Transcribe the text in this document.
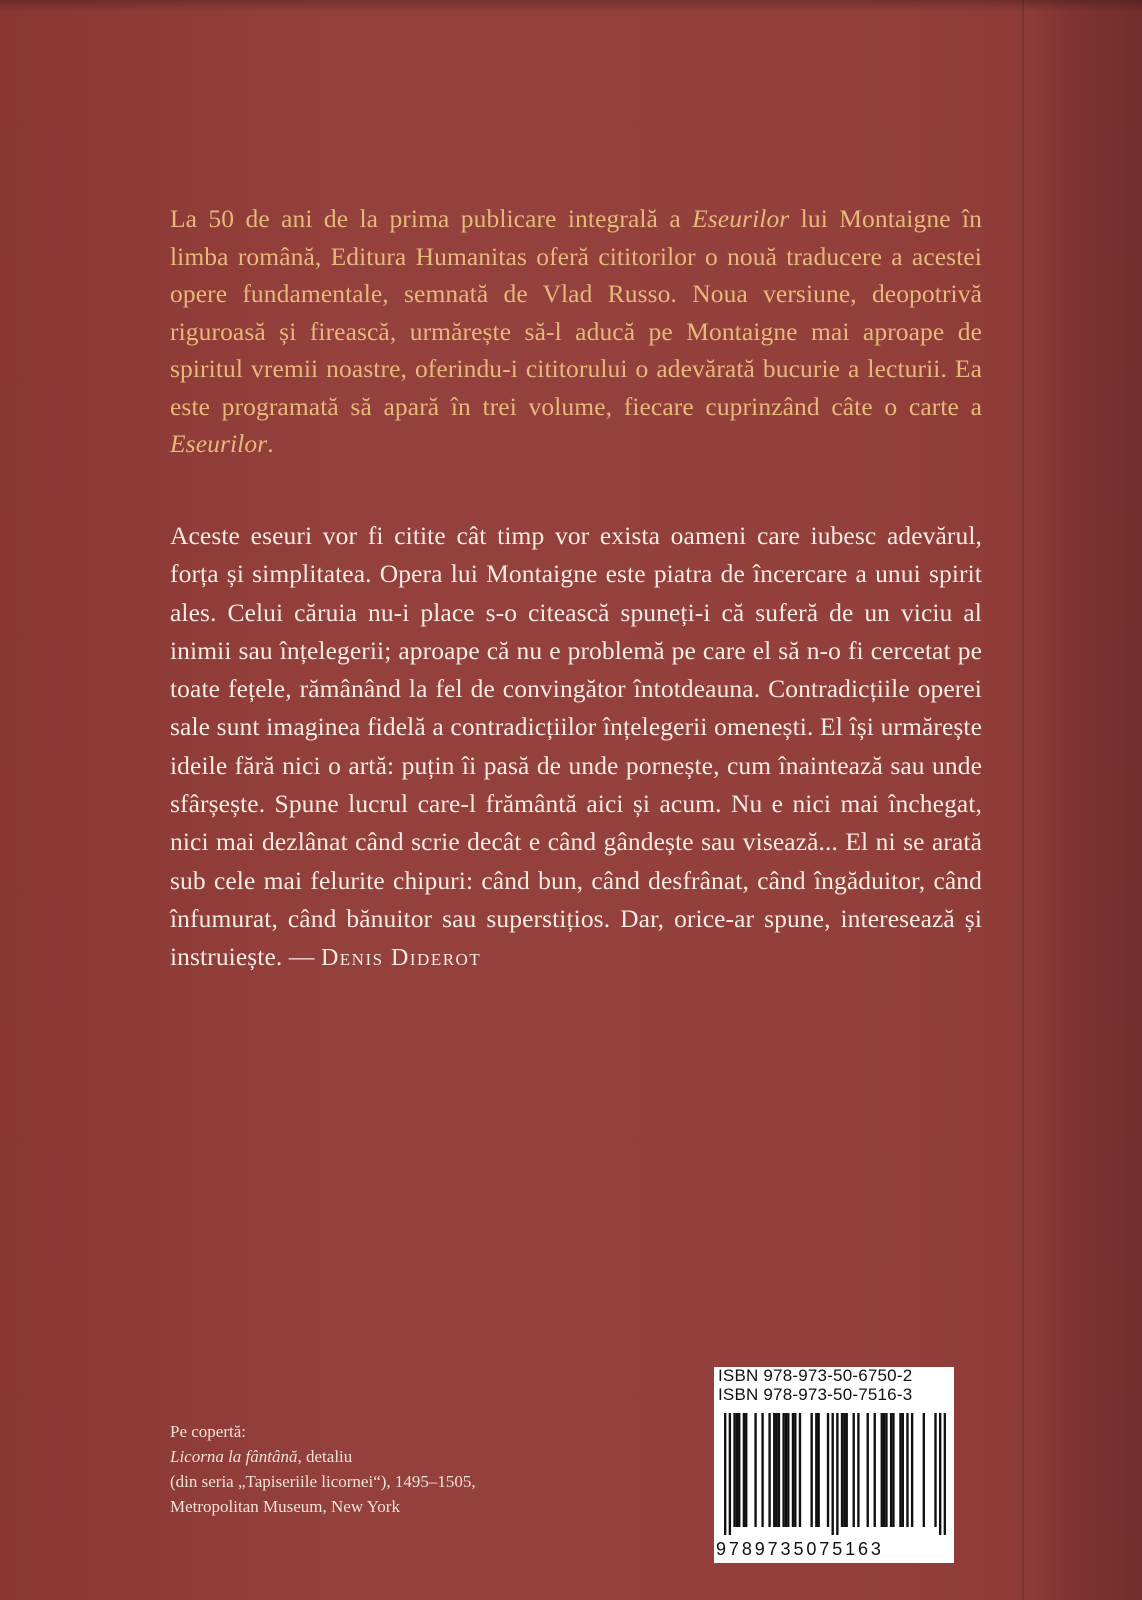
La 50 de ani de la prima publicare integrală a Eseurilor lui Montaigne în limba română, Editura Humanitas oferă cititorilor o nouă traducere a acestei opere fundamentale, semnată de Vlad Russo. Noua versiune, deopotrivă riguroasă și firească, urmărește să-l aducă pe Montaigne mai aproape de spiritul vremii noastre, oferindu-i cititorului o adevărată bucurie a lecturii. Ea este programată să apară în trei volume, fiecare cuprinzând câte o carte a Eseurilor.
Aceste eseuri vor fi citite cât timp vor exista oameni care iubesc adevărul, forța și simplitatea. Opera lui Montaigne este piatra de încercare a unui spirit ales. Celui căruia nu-i place s-o citească spuneți-i că suferă de un viciu al inimii sau înțelegerii; aproape că nu e problemă pe care el să n-o fi cercetat pe toate fețele, rămânând la fel de convingător întotdeauna. Contradicțiile operei sale sunt imaginea fidelă a contradicțiilor înțelegerii omenești. El își urmărește ideile fără nici o artă: puțin îi pasă de unde pornește, cum înaintează sau unde sfârșește. Spune lucrul care-l frământă aici și acum. Nu e nici mai închegat, nici mai dezlânat când scrie decât e când gândește sau visează... El ni se arată sub cele mai felurite chipuri: când bun, când desfrânat, când îngăduitor, când înfumurat, când bănuitor sau superstițios. Dar, orice-ar spune, interesează și instruiește. — Denis Diderot
Pe copertă:
Licorna la fântână, detaliu
(din seria „Tapiseriile licornei“), 1495–1505,
Metropolitan Museum, New York
ISBN 978-973-50-6750-2
ISBN 978-973-50-7516-3
9789735075163
